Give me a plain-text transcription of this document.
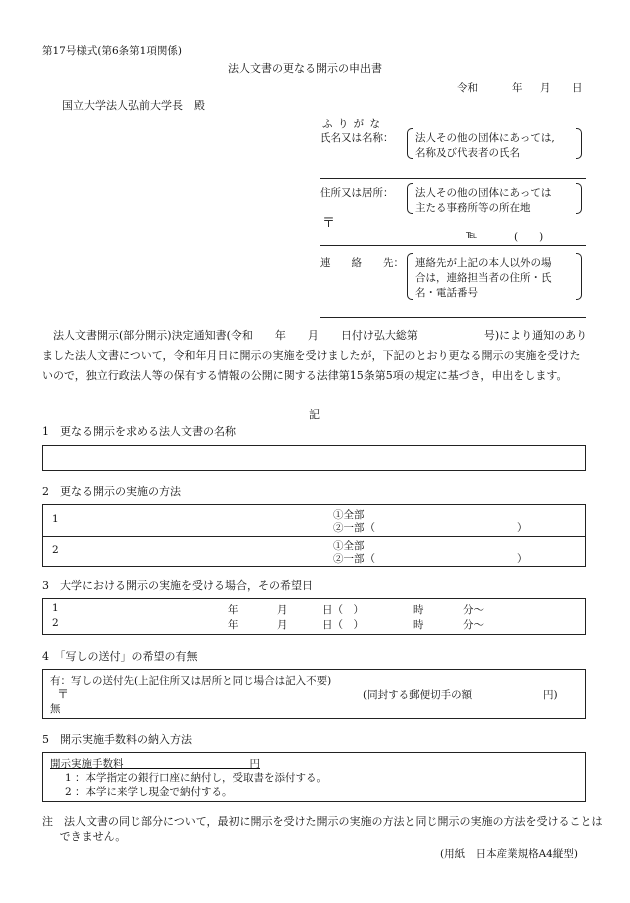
第17号様式(第6条第1項関係)
法人文書の更なる開示の申出書
令和	年 月 日
国立大学法人弘前大学長　殿
ふ り が な
氏名又は名称： 法人その他の団体にあっては,
名称及び代表者の氏名
住所又は居所： 法人その他の団体にあっては
主たる事務所等の所在地
〒
℡	(　　)
連　　絡　　先： 連絡先が上記の本人以外の場
合は，連絡担当者の住所・氏
名・電話番号
法人文書開示(部分開示)決定通知書(令和　　年　　月　　日付け弘大総第　　　　　　号)により通知のありました法人文書について，令和年月日に開示の実施を受けましたが，下記のとおり更なる開示の実施を受けたいので，独立行政法人等の保有する情報の公開に関する法律第15条第5項の規定に基づき，申出をします。
記
1　更なる開示を求める法人文書の名称
2　更なる開示の実施の方法
1	①全部
②一部（	）
2	①全部
②一部（	）
3　大学における開示の実施を受ける場合，その希望日
1	年	月	日（　）	時	分～
2	年	月	日（　）	時	分～
4　「写しの送付」の希望の有無
有：写しの送付先(上記住所又は居所と同じ場合は記入不要)
〒	(同封する郵便切手の額	円)
無
5　開示実施手数料の納入方法
開示実施手数料　　　　　　　　　　　　円
1 ：本学指定の銀行口座に納付し，受取書を添付する。
2 ：本学に来学し現金で納付する。
注　法人文書の同じ部分について，最初に開示を受けた開示の実施の方法と同じ開示の実施の方法を受けることはできません。
(用紙　日本産業規格A4縦型)
